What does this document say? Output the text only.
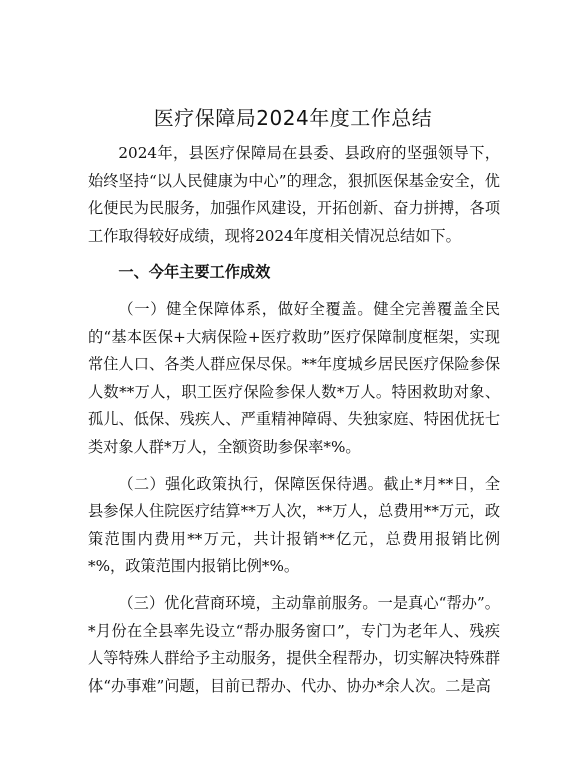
医疗保障局2024年度工作总结

2024年，县医疗保障局在县委、县政府的坚强领导下，始终坚持“以人民健康为中心”的理念，狠抓医保基金安全，优化便民为民服务，加强作风建设，开拓创新、奋力拼搏，各项工作取得较好成绩，现将2024年度相关情况总结如下。

一、今年主要工作成效

（一）健全保障体系，做好全覆盖。健全完善覆盖全民的“基本医保+大病保险+医疗救助”医疗保障制度框架，实现常住人口、各类人群应保尽保。**年度城乡居民医疗保险参保人数**万人，职工医疗保险参保人数*万人。特困救助对象、孤儿、低保、残疾人、严重精神障碍、失独家庭、特困优抚七类对象人群*万人，全额资助参保率*%。

（二）强化政策执行，保障医保待遇。截止*月**日，全县参保人住院医疗结算**万人次，**万人，总费用**万元，政策范围内费用**万元，共计报销**亿元，总费用报销比例*%，政策范围内报销比例*%。

（三）优化营商环境，主动靠前服务。一是真心“帮办”。*月份在全县率先设立“帮办服务窗口”，专门为老年人、残疾人等特殊人群给予主动服务，提供全程帮办，切实解决特殊群体“办事难”问题，目前已帮办、代办、协办*余人次。二是高
